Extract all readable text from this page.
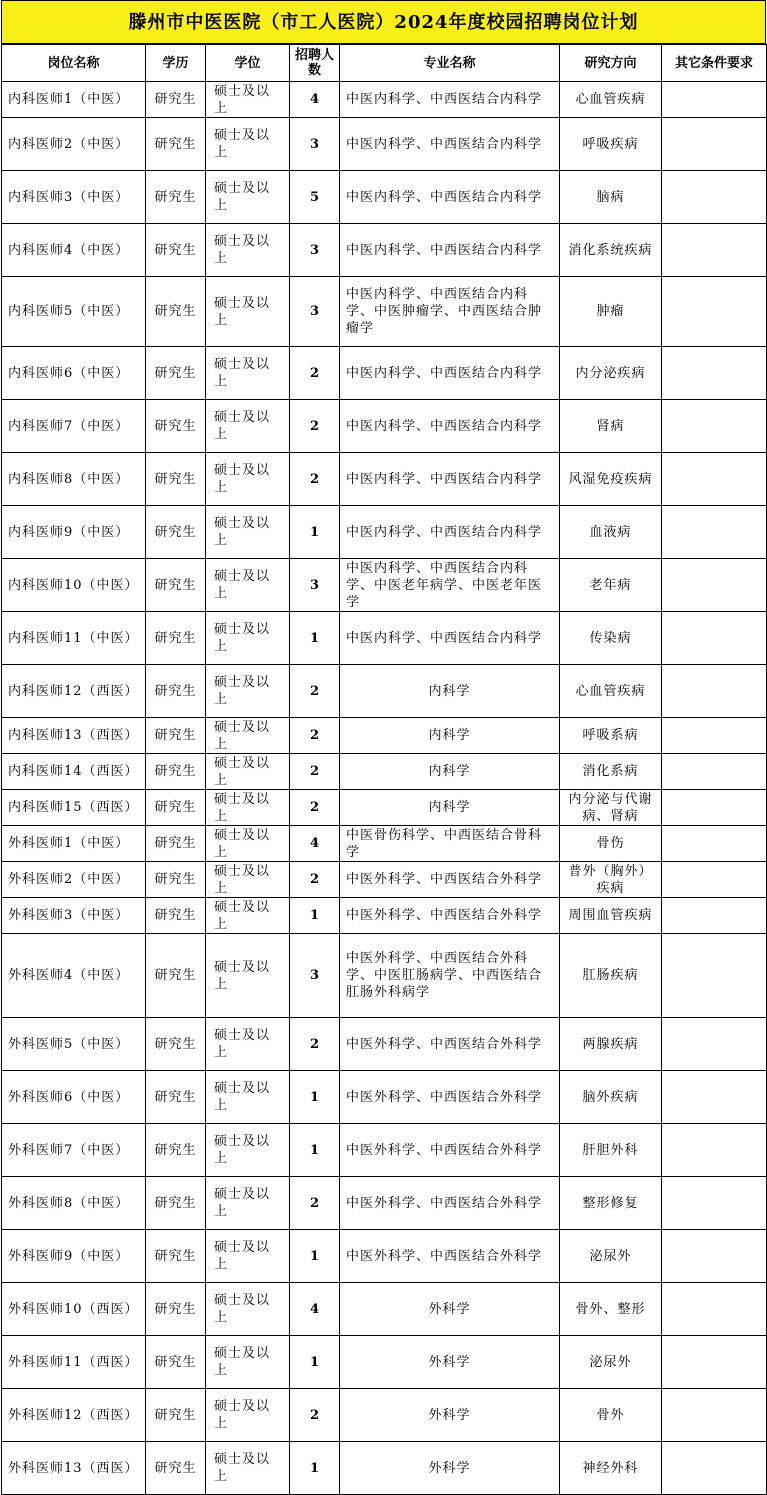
滕州市中医医院（市工人医院）2024年度校园招聘岗位计划
岗位名称	学历	学位	招聘人数	专业名称	研究方向	其它条件要求
内科医师1（中医）	研究生	硕士及以上	4	中医内科学、中西医结合内科学	心血管疾病	
内科医师2（中医）	研究生	硕士及以上	3	中医内科学、中西医结合内科学	呼吸疾病	
内科医师3（中医）	研究生	硕士及以上	5	中医内科学、中西医结合内科学	脑病	
内科医师4（中医）	研究生	硕士及以上	3	中医内科学、中西医结合内科学	消化系统疾病	
内科医师5（中医）	研究生	硕士及以上	3	中医内科学、中西医结合内科学、中医肿瘤学、中西医结合肿瘤学	肿瘤	
内科医师6（中医）	研究生	硕士及以上	2	中医内科学、中西医结合内科学	内分泌疾病	
内科医师7（中医）	研究生	硕士及以上	2	中医内科学、中西医结合内科学	肾病	
内科医师8（中医）	研究生	硕士及以上	2	中医内科学、中西医结合内科学	风湿免疫疾病	
内科医师9（中医）	研究生	硕士及以上	1	中医内科学、中西医结合内科学	血液病	
内科医师10（中医）	研究生	硕士及以上	3	中医内科学、中西医结合内科学、中医老年病学、中医老年医学	老年病	
内科医师11（中医）	研究生	硕士及以上	1	中医内科学、中西医结合内科学	传染病	
内科医师12（西医）	研究生	硕士及以上	2	内科学	心血管疾病	
内科医师13（西医）	研究生	硕士及以上	2	内科学	呼吸系病	
内科医师14（西医）	研究生	硕士及以上	2	内科学	消化系病	
内科医师15（西医）	研究生	硕士及以上	2	内科学	内分泌与代谢病、肾病	
外科医师1（中医）	研究生	硕士及以上	4	中医骨伤科学、中西医结合骨科学	骨伤	
外科医师2（中医）	研究生	硕士及以上	2	中医外科学、中西医结合外科学	普外（胸外）疾病	
外科医师3（中医）	研究生	硕士及以上	1	中医外科学、中西医结合外科学	周围血管疾病	
外科医师4（中医）	研究生	硕士及以上	3	中医外科学、中西医结合外科学、中医肛肠病学、中西医结合肛肠外科病学	肛肠疾病	
外科医师5（中医）	研究生	硕士及以上	2	中医外科学、中西医结合外科学	两腺疾病	
外科医师6（中医）	研究生	硕士及以上	1	中医外科学、中西医结合外科学	脑外疾病	
外科医师7（中医）	研究生	硕士及以上	1	中医外科学、中西医结合外科学	肝胆外科	
外科医师8（中医）	研究生	硕士及以上	2	中医外科学、中西医结合外科学	整形修复	
外科医师9（中医）	研究生	硕士及以上	1	中医外科学、中西医结合外科学	泌尿外	
外科医师10（西医）	研究生	硕士及以上	4	外科学	骨外、整形	
外科医师11（西医）	研究生	硕士及以上	1	外科学	泌尿外	
外科医师12（西医）	研究生	硕士及以上	2	外科学	骨外	
外科医师13（西医）	研究生	硕士及以上	1	外科学	神经外科	
